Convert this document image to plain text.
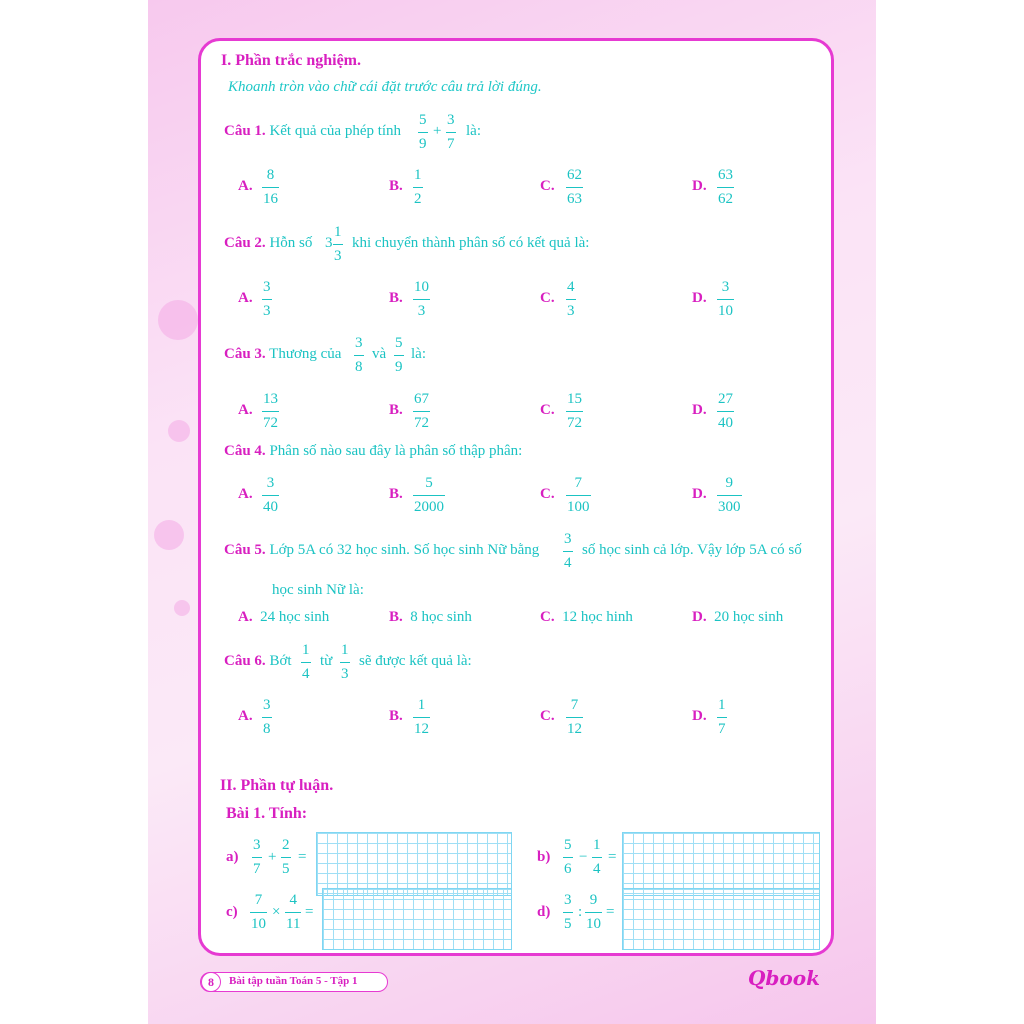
I. Phần trắc nghiệm.
Khoanh tròn vào chữ cái đặt trước câu trả lời đúng.
Câu 1. Kết quả của phép tính
5
9
+
3
7
là:
A.
8
16
B.
1
2
C.
62
63
D.
63
62
Câu 2. Hỗn số 3
1
3
khi chuyển thành phân số có kết quả là:
A.
3
3
B.
10
3
C.
4
3
D.
3
10
Câu 3. Thương của
3
8
và
5
9
là:
A.
13
72
B.
67
72
C.
15
72
D.
27
40
Câu 4. Phân số nào sau đây là phân số thập phân:
A.
3
40
B.
5
2000
C.
7
100
D.
9
300
Câu 5. Lớp 5A có 32 học sinh. Số học sinh Nữ bằng
3
4
số học sinh cả lớp. Vậy lớp 5A có số
học sinh Nữ là:
A. 24 học sinh	B. 8 học sinh	C. 12 học hinh	D. 20 học sinh
Câu 6. Bớt
1
4
từ
1
3
sẽ được kết quả là:
A.
3
8
B.
1
12
C.
7
12
D.
1
7
II. Phần tự luận.
Bài 1. Tính:
a)
3
7
+
2
5
=	b)
5
6
−
1
4
=
c)
7
10
×
4
11
=	d)
3
5
:
9
10
=
8	Bài tập tuần Toán 5 - Tập 1	Qbook
